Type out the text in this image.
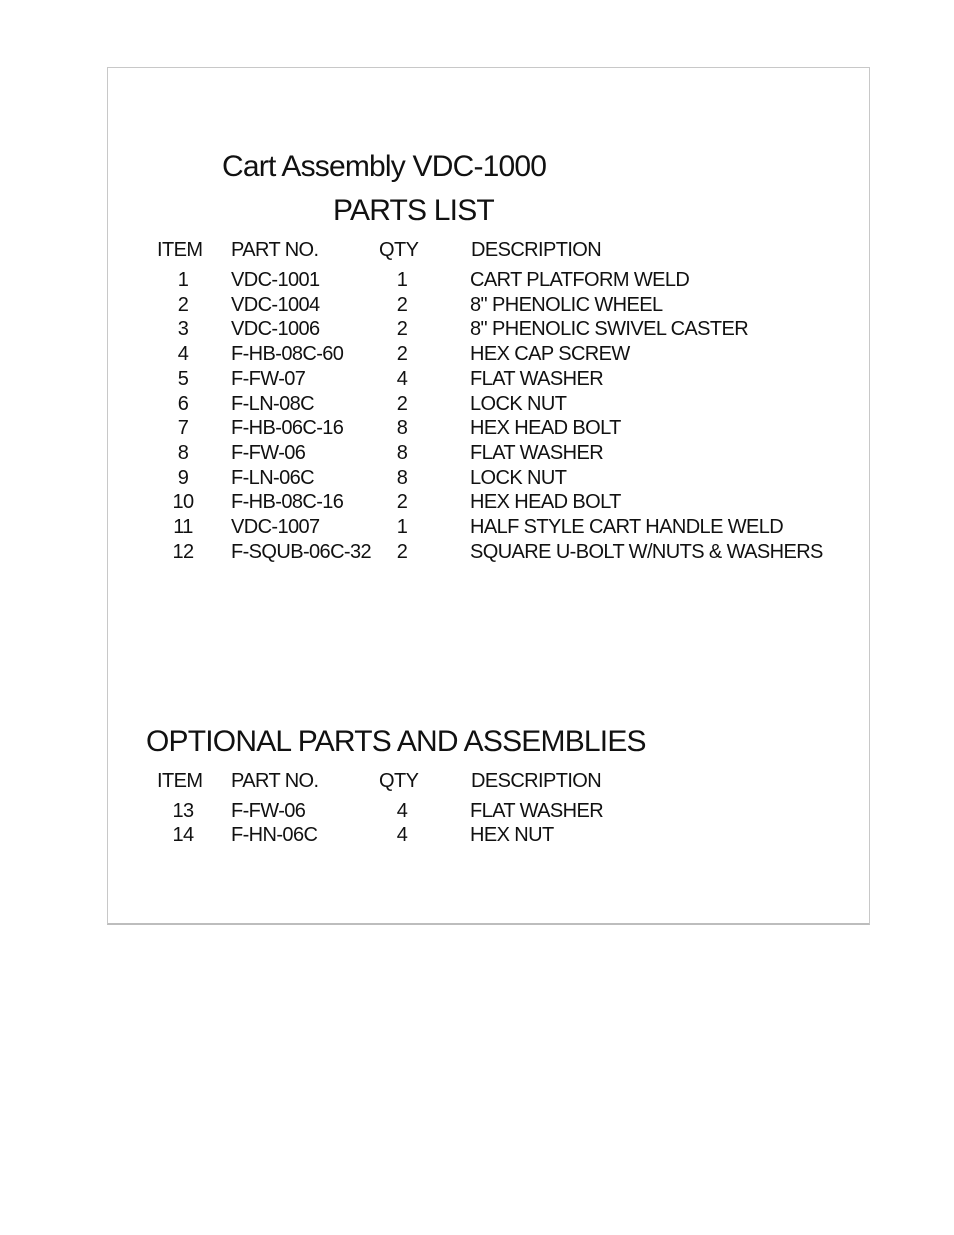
Cart Assembly VDC-1000
PARTS LIST
ITEM PART NO.	QTY	DESCRIPTION
1	VDC-1001	1	CART PLATFORM WELD
2	VDC-1004	2	8" PHENOLIC WHEEL
3	VDC-1006	2	8" PHENOLIC SWIVEL CASTER
4	F-HB-08C-60	2	HEX CAP SCREW
5	F-FW-07	4	FLAT WASHER
6	F-LN-08C	2	LOCK NUT
7	F-HB-06C-16	8	HEX HEAD BOLT
8	F-FW-06	8	FLAT WASHER
9	F-LN-06C	8	LOCK NUT
10	F-HB-08C-16	2	HEX HEAD BOLT
11	VDC-1007	1	HALF STYLE CART HANDLE WELD
12	F-SQUB-06C-32	2	SQUARE U-BOLT W/NUTS & WASHERS
OPTIONAL PARTS AND ASSEMBLIES
ITEM PART NO.	QTY	DESCRIPTION
13	F-FW-06	4	FLAT WASHER
14	F-HN-06C	4	HEX NUT
